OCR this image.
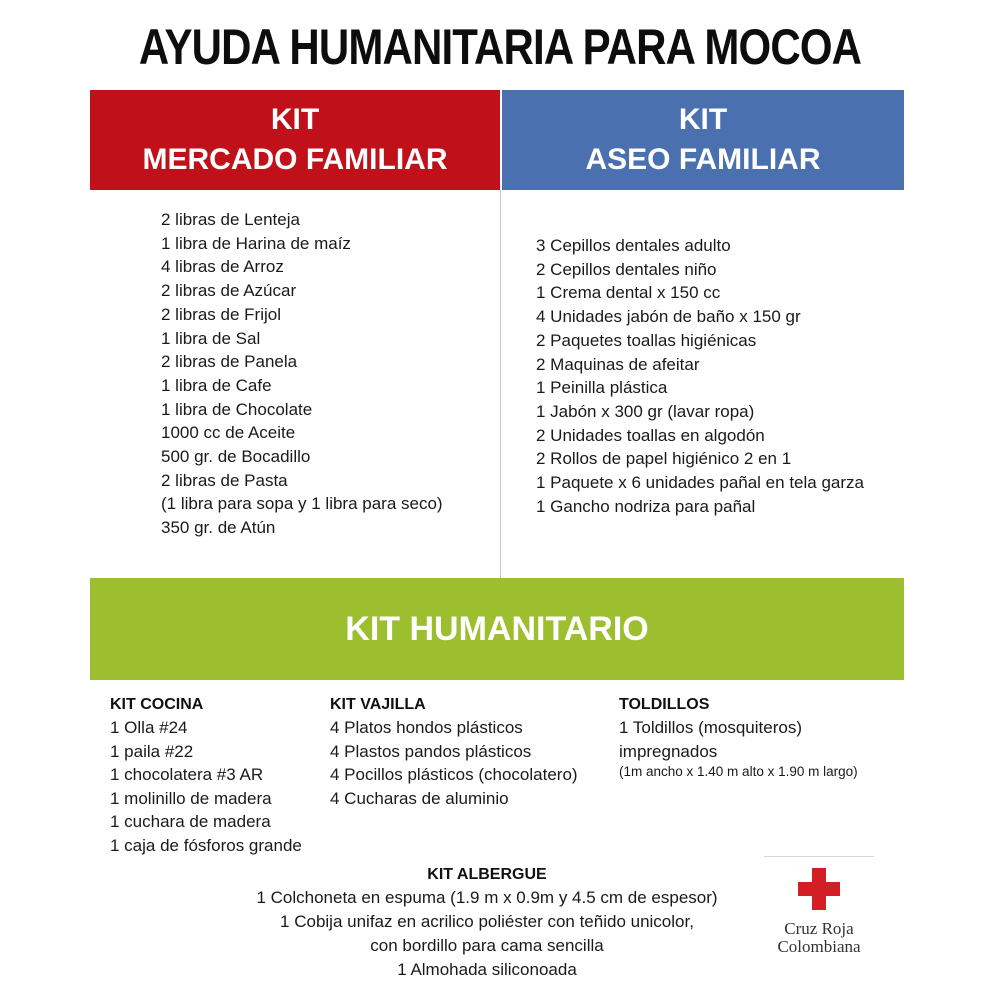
AYUDA HUMANITARIA PARA MOCOA
KIT
MERCADO FAMILIAR
KIT
ASEO FAMILIAR
2 libras de Lenteja
1 libra de Harina de maíz
4 libras de Arroz
2 libras de Azúcar
2 libras de Frijol
1 libra de Sal
2 libras de Panela
1 libra de Cafe
1 libra de Chocolate
1000 cc de Aceite
500 gr. de Bocadillo
2 libras de Pasta
(1 libra para sopa y 1 libra para seco)
350 gr. de Atún
3 Cepillos dentales adulto
2 Cepillos dentales niño
1 Crema dental x 150 cc
4 Unidades jabón de baño x 150 gr
2 Paquetes toallas higiénicas
2 Maquinas de afeitar
1 Peinilla plástica
1 Jabón x 300 gr (lavar ropa)
2 Unidades toallas en algodón
2 Rollos de papel higiénico 2 en 1
1 Paquete x 6 unidades pañal en tela garza
1 Gancho nodriza para pañal
KIT HUMANITARIO
KIT COCINA
1 Olla #24
1 paila #22
1 chocolatera #3 AR
1 molinillo de madera
1 cuchara de madera
1 caja de fósforos grande
KIT VAJILLA
4 Platos hondos plásticos
4 Plastos pandos plásticos
4 Pocillos plásticos (chocolatero)
4 Cucharas de aluminio
TOLDILLOS
1 Toldillos (mosquiteros)
impregnados
(1m ancho x 1.40 m alto x 1.90 m largo)
KIT ALBERGUE
1 Colchoneta en espuma (1.9 m x 0.9m y 4.5 cm de espesor)
1 Cobija unifaz en acrilico poliéster con teñido unicolor,
con bordillo para cama sencilla
1 Almohada siliconoada
Cruz Roja
Colombiana
